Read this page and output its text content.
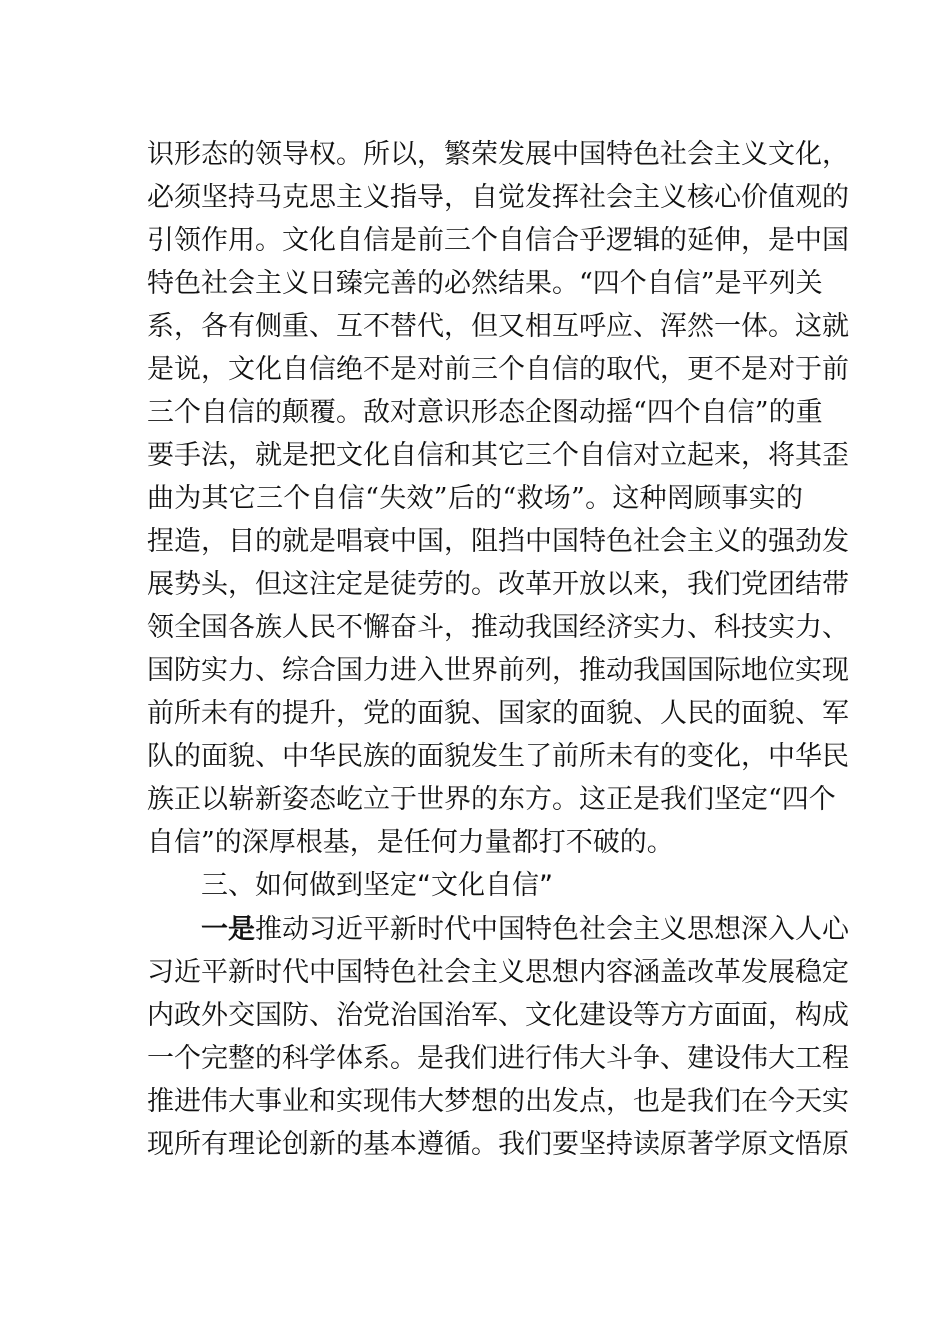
识形态的领导权。所以，繁荣发展中国特色社会主义文化，
必须坚持马克思主义指导，自觉发挥社会主义核心价值观的
引领作用。文化自信是前三个自信合乎逻辑的延伸，是中国
特色社会主义日臻完善的必然结果。“四个自信”是平列关
系，各有侧重、互不替代，但又相互呼应、浑然一体。这就
是说，文化自信绝不是对前三个自信的取代，更不是对于前
三个自信的颠覆。敌对意识形态企图动摇“四个自信”的重
要手法，就是把文化自信和其它三个自信对立起来，将其歪
曲为其它三个自信“失效”后的“救场”。这种罔顾事实的
捏造，目的就是唱衰中国，阻挡中国特色社会主义的强劲发
展势头，但这注定是徒劳的。改革开放以来，我们党团结带
领全国各族人民不懈奋斗，推动我国经济实力、科技实力、
国防实力、综合国力进入世界前列，推动我国国际地位实现
前所未有的提升，党的面貌、国家的面貌、人民的面貌、军
队的面貌、中华民族的面貌发生了前所未有的变化，中华民
族正以崭新姿态屹立于世界的东方。这正是我们坚定“四个
自信”的深厚根基，是任何力量都打不破的。
三、如何做到坚定“文化自信”
一是推动习近平新时代中国特色社会主义思想深入人心
习近平新时代中国特色社会主义思想内容涵盖改革发展稳定
内政外交国防、治党治国治军、文化建设等方方面面，构成
一个完整的科学体系。是我们进行伟大斗争、建设伟大工程
推进伟大事业和实现伟大梦想的出发点，也是我们在今天实
现所有理论创新的基本遵循。我们要坚持读原著学原文悟原
